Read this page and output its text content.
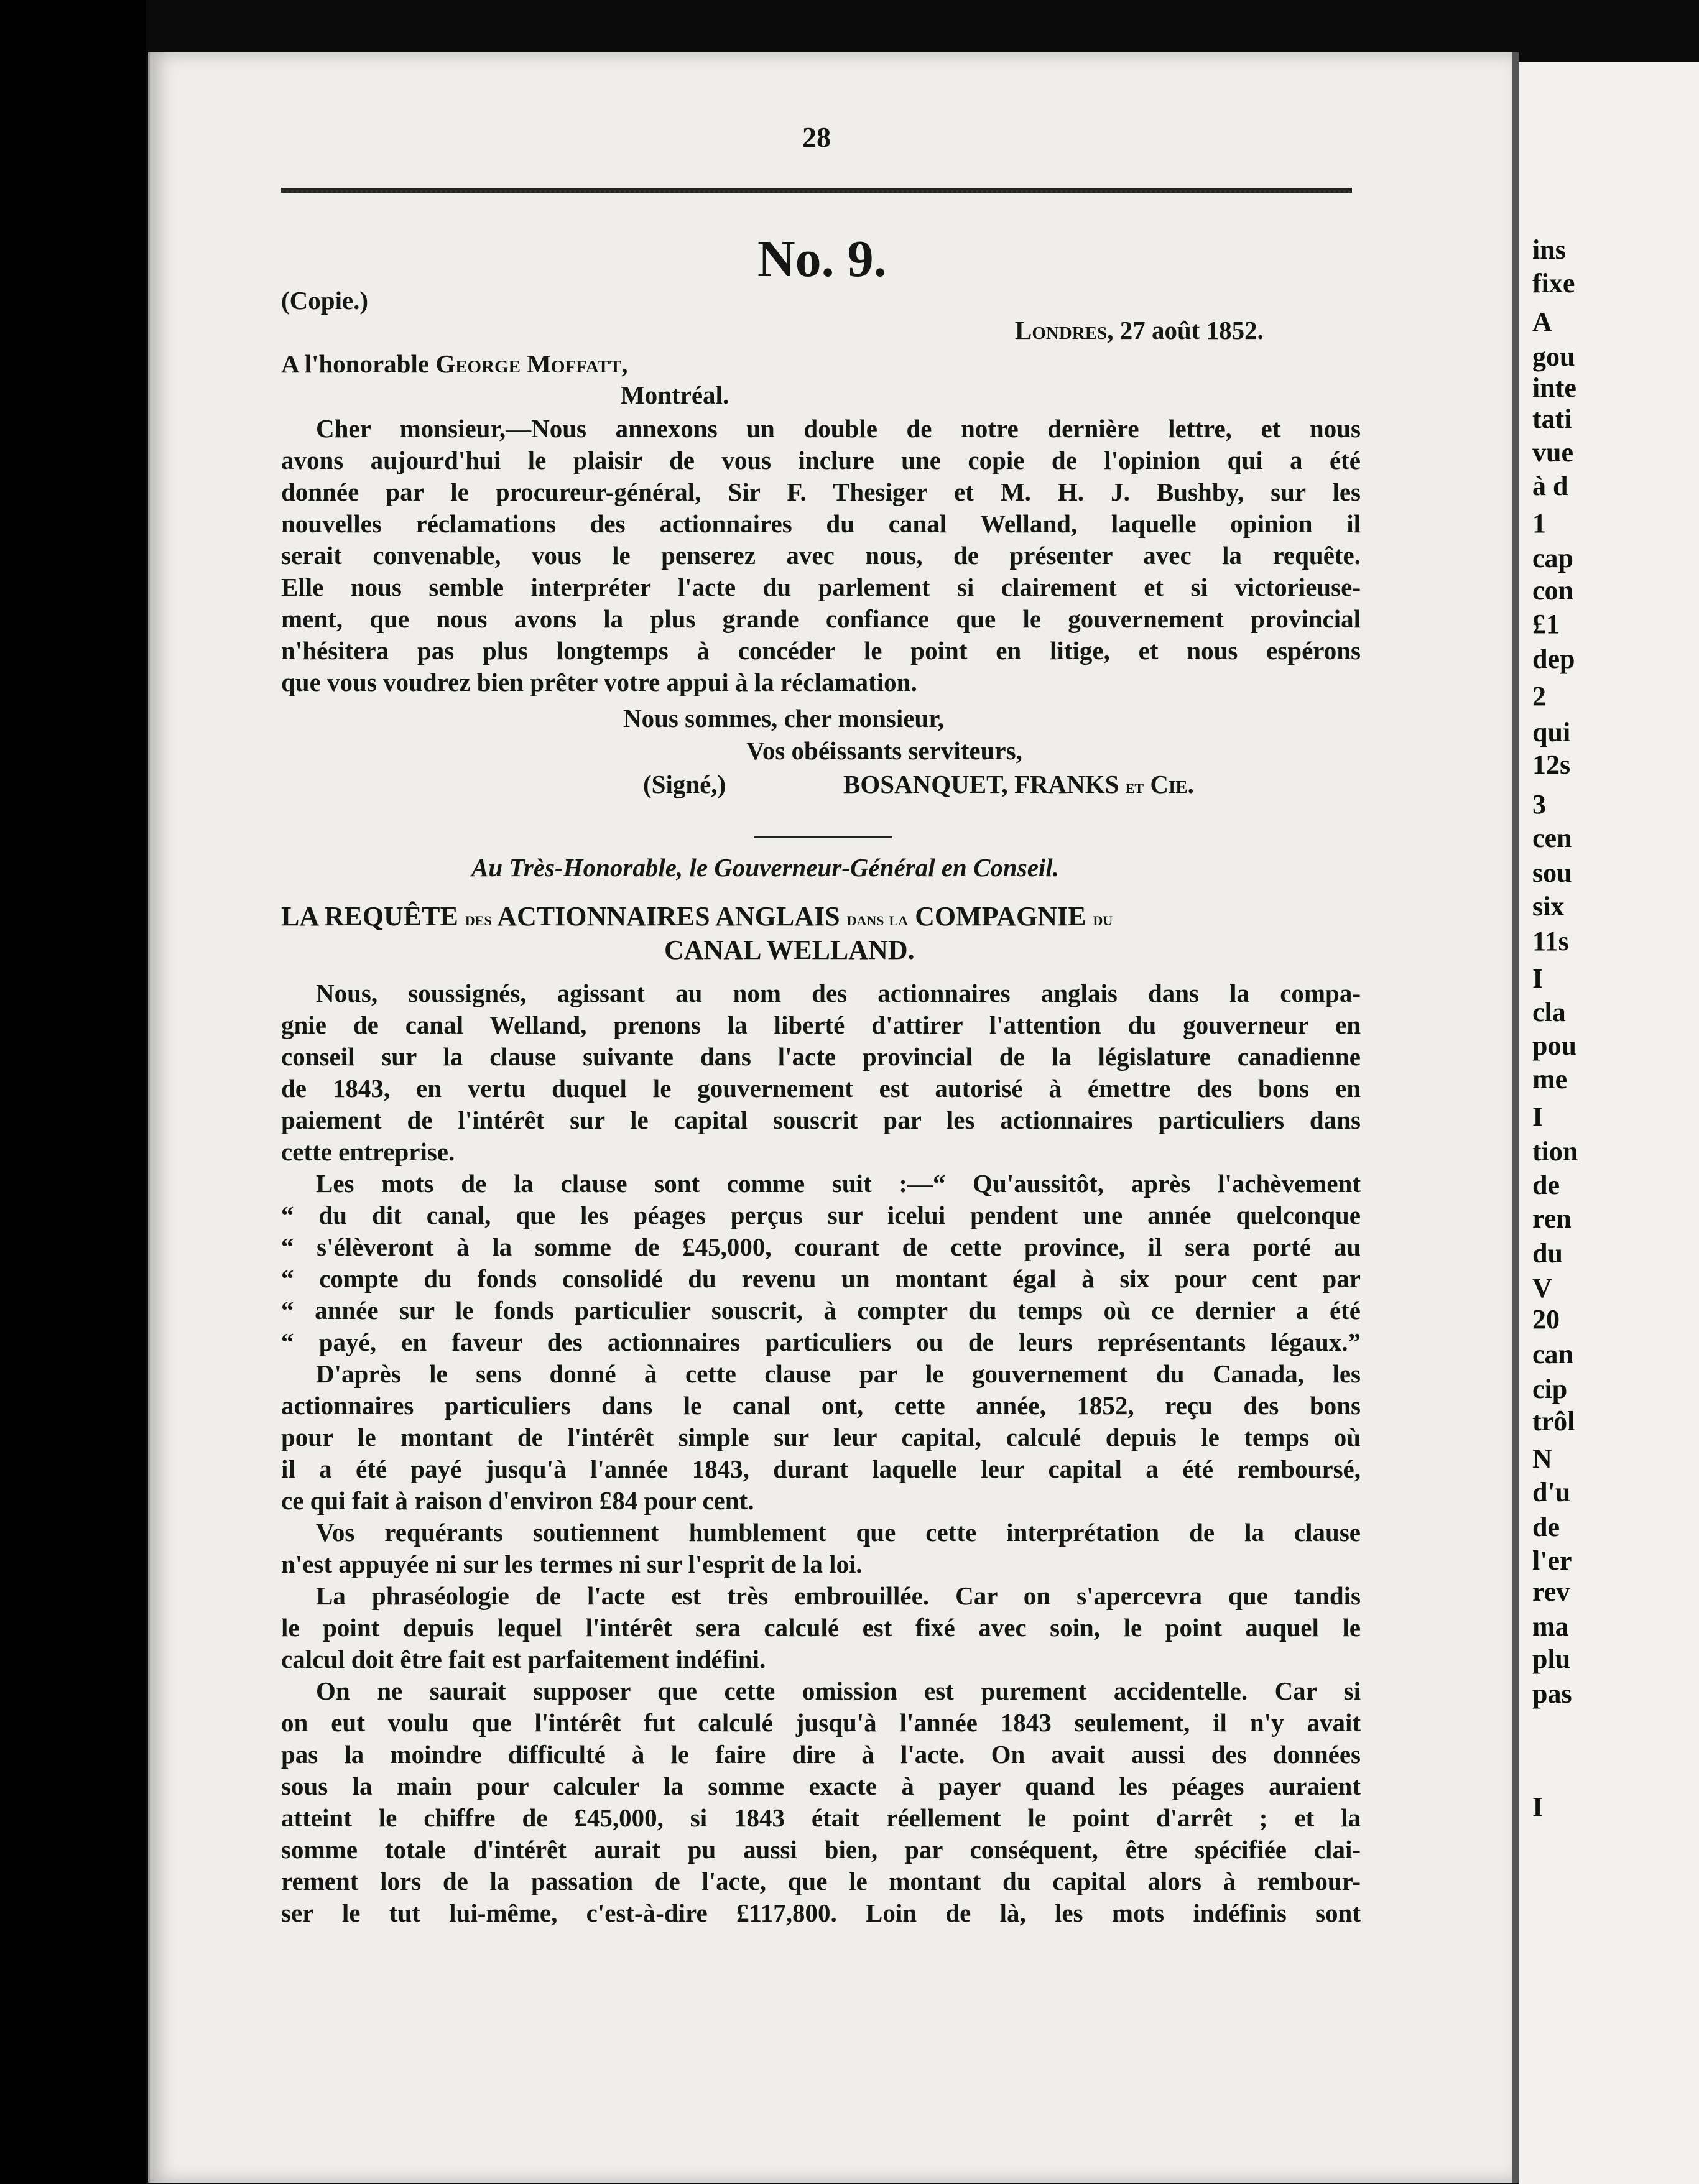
ins
fixe
A
gou
inte
tati
vue
à d
1
cap
con
£1
dep
2
qui
12s
3
cen
sou
six
11s
I
cla
pou
me
I
tion
de
ren
du
V
20
can
cip
trôl
N
d'u
de
l'er
rev
ma
plu
pas
I
28
No. 9.
(Copie.)
Londres, 27 août 1852.
A l'honorable George Moffatt,
Montréal.
Cher monsieur,—Nous annexons un double de notre dernière lettre, et nous
avons aujourd'hui le plaisir de vous inclure une copie de l'opinion qui a été
donnée par le procureur-général, Sir F. Thesiger et M. H. J. Bushby, sur les
nouvelles réclamations des actionnaires du canal Welland, laquelle opinion il
serait convenable, vous le penserez avec nous, de présenter avec la requête.
Elle nous semble interpréter l'acte du parlement si clairement et si victorieuse-
ment, que nous avons la plus grande confiance que le gouvernement provincial
n'hésitera pas plus longtemps à concéder le point en litige, et nous espérons
que vous voudrez bien prêter votre appui à la réclamation.
Nous sommes, cher monsieur,
Vos obéissants serviteurs,
(Signé,)	BOSANQUET, FRANKS et Cie.
Au Très-Honorable, le Gouverneur-Général en Conseil.
LA REQUÊTE des ACTIONNAIRES ANGLAIS dans la COMPAGNIE du
CANAL WELLAND.
Nous, soussignés, agissant au nom des actionnaires anglais dans la compa-
gnie de canal Welland, prenons la liberté d'attirer l'attention du gouverneur en
conseil sur la clause suivante dans l'acte provincial de la législature canadienne
de 1843, en vertu duquel le gouvernement est autorisé à émettre des bons en
paiement de l'intérêt sur le capital souscrit par les actionnaires particuliers dans
cette entreprise.
Les mots de la clause sont comme suit :—“ Qu'aussitôt, après l'achèvement
“ du dit canal, que les péages perçus sur icelui pendent une année quelconque
“ s'élèveront à la somme de £45,000, courant de cette province, il sera porté au
“ compte du fonds consolidé du revenu un montant égal à six pour cent par
“ année sur le fonds particulier souscrit, à compter du temps où ce dernier a été
“ payé, en faveur des actionnaires particuliers ou de leurs représentants légaux.”
D'après le sens donné à cette clause par le gouvernement du Canada, les
actionnaires particuliers dans le canal ont, cette année, 1852, reçu des bons
pour le montant de l'intérêt simple sur leur capital, calculé depuis le temps où
il a été payé jusqu'à l'année 1843, durant laquelle leur capital a été remboursé,
ce qui fait à raison d'environ £84 pour cent.
Vos requérants soutiennent humblement que cette interprétation de la clause
n'est appuyée ni sur les termes ni sur l'esprit de la loi.
La phraséologie de l'acte est très embrouillée. Car on s'apercevra que tandis
le point depuis lequel l'intérêt sera calculé est fixé avec soin, le point auquel le
calcul doit être fait est parfaitement indéfini.
On ne saurait supposer que cette omission est purement accidentelle. Car si
on eut voulu que l'intérêt fut calculé jusqu'à l'année 1843 seulement, il n'y avait
pas la moindre difficulté à le faire dire à l'acte. On avait aussi des données
sous la main pour calculer la somme exacte à payer quand les péages auraient
atteint le chiffre de £45,000, si 1843 était réellement le point d'arrêt ; et la
somme totale d'intérêt aurait pu aussi bien, par conséquent, être spécifiée clai-
rement lors de la passation de l'acte, que le montant du capital alors à rembour-
ser le tut lui-même, c'est-à-dire £117,800. Loin de là, les mots indéfinis sont
